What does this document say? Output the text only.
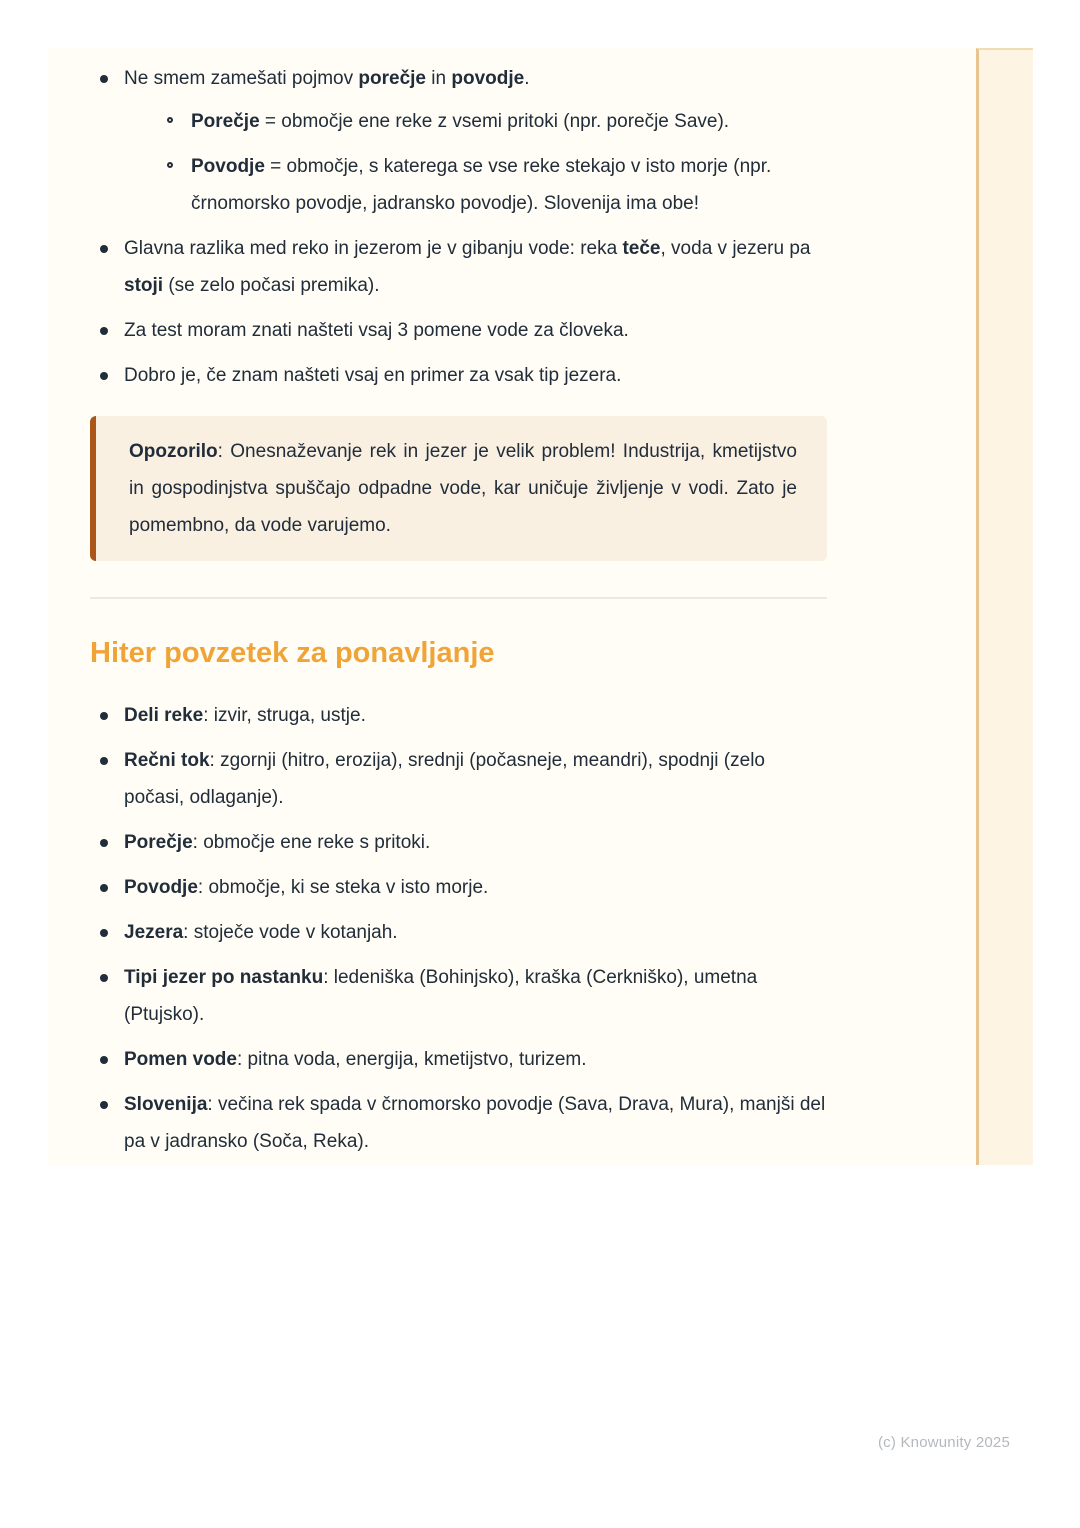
Ne smem zamešati pojmov porečje in povodje.
Porečje = območje ene reke z vsemi pritoki (npr. porečje Save).
Povodje = območje, s katerega se vse reke stekajo v isto morje (npr. črnomorsko povodje, jadransko povodje). Slovenija ima obe!
Glavna razlika med reko in jezerom je v gibanju vode: reka teče, voda v jezeru pa stoji (se zelo počasi premika).
Za test moram znati našteti vsaj 3 pomene vode za človeka.
Dobro je, če znam našteti vsaj en primer za vsak tip jezera.

Opozorilo: Onesnaževanje rek in jezer je velik problem! Industrija, kmetijstvo in gospodinjstva spuščajo odpadne vode, kar uničuje življenje v vodi. Zato je pomembno, da vode varujemo.

Hiter povzetek za ponavljanje
Deli reke: izvir, struga, ustje.
Rečni tok: zgornji (hitro, erozija), srednji (počasneje, meandri), spodnji (zelo počasi, odlaganje).
Porečje: območje ene reke s pritoki.
Povodje: območje, ki se steka v isto morje.
Jezera: stoječe vode v kotanjah.
Tipi jezer po nastanku: ledeniška (Bohinjsko), kraška (Cerkniško), umetna (Ptujsko).
Pomen vode: pitna voda, energija, kmetijstvo, turizem.
Slovenija: večina rek spada v črnomorsko povodje (Sava, Drava, Mura), manjši del pa v jadransko (Soča, Reka).
(c) Knowunity 2025
